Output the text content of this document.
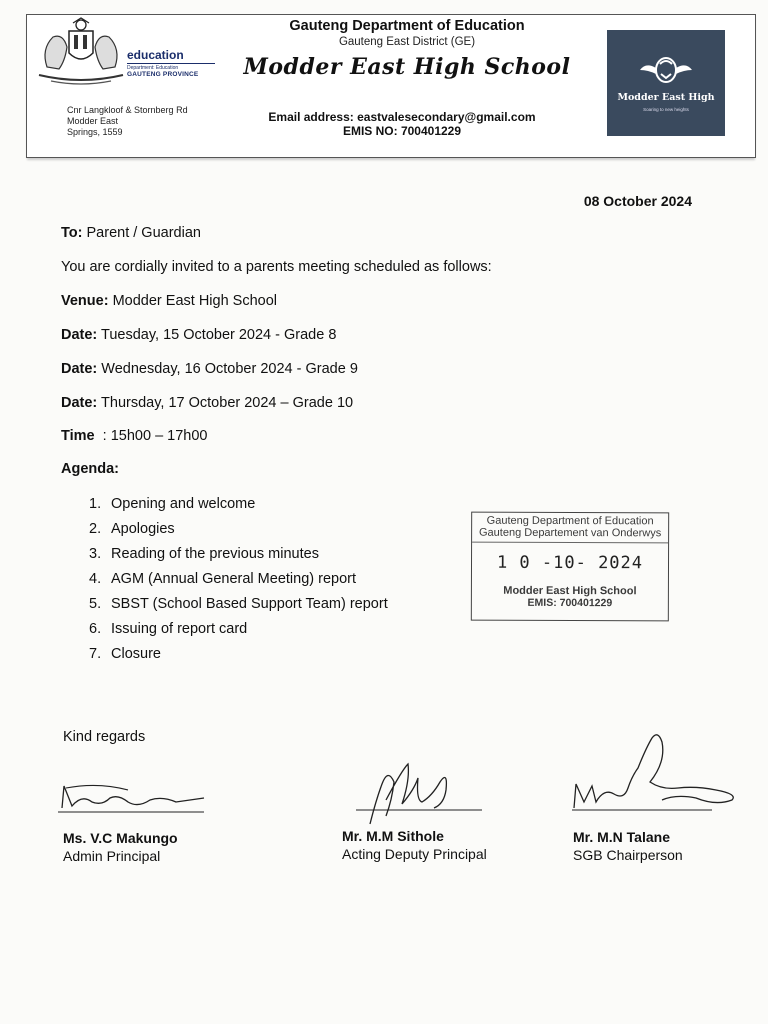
education
Department: Education
GAUTENG PROVINCE
Cnr Langkloof & Stornberg Rd
Modder East
Springs, 1559
Gauteng Department of Education
Gauteng East District (GE)
Modder East High School
Email address: eastvalesecondary@gmail.com
EMIS NO: 700401229
Modder East High
Soaring to new heights
08 October 2024
To: Parent / Guardian
You are cordially invited to a parents meeting scheduled as follows:
Venue: Modder East High School
Date: Tuesday, 15 October 2024 - Grade 8
Date: Wednesday, 16 October 2024 - Grade 9
Date: Thursday, 17 October 2024 – Grade 10
Time : 15h00 – 17h00
Agenda:
1. Opening and welcome
2. Apologies
3. Reading of the previous minutes
4. AGM (Annual General Meeting) report
5. SBST (School Based Support Team) report
6. Issuing of report card
7. Closure
Gauteng Department of Education
Gauteng Departement van Onderwys
1 0 -10- 2024
Modder East High School
EMIS: 700401229
Kind regards
Ms. V.C Makungo
Admin Principal
Mr. M.M Sithole
Acting Deputy Principal
Mr. M.N Talane
SGB Chairperson
